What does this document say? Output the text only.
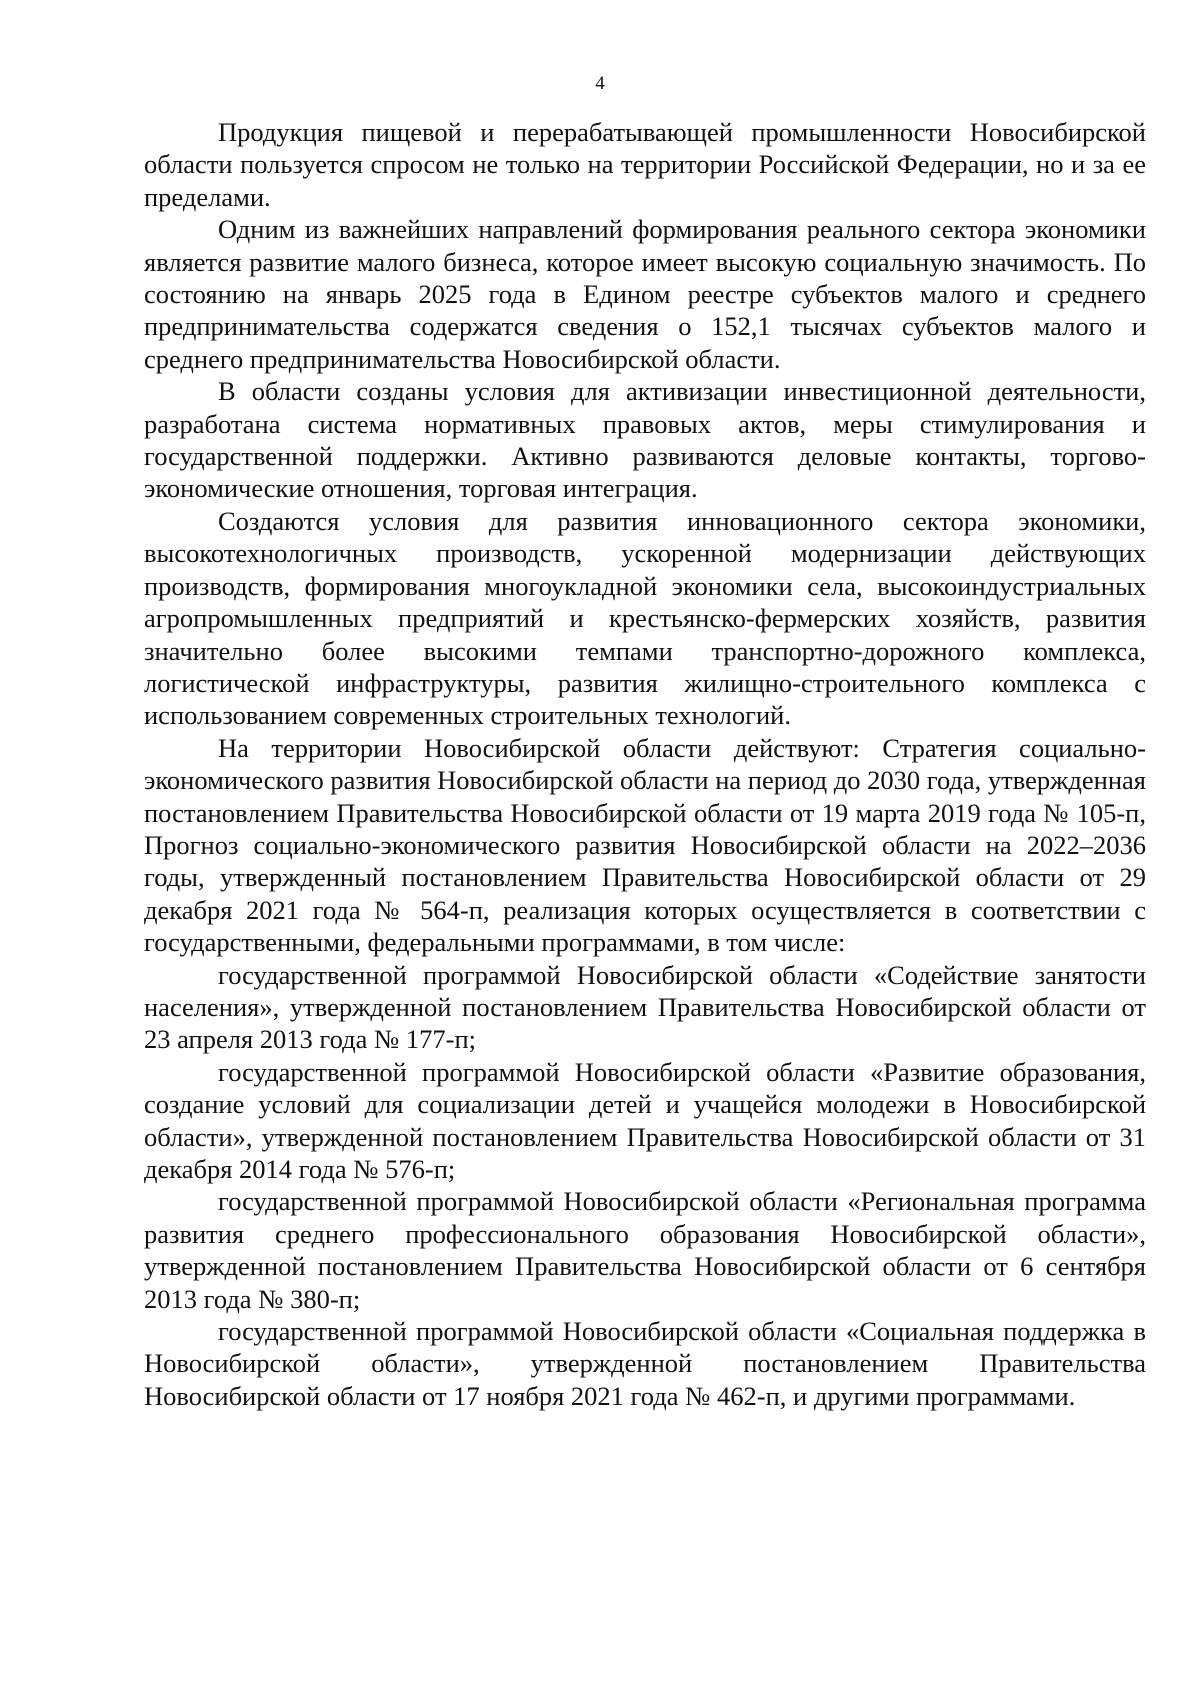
4

Продукция пищевой и перерабатывающей промышленности Новосибирской области пользуется спросом не только на территории Российской Федерации, но и за ее пределами.

Одним из важнейших направлений формирования реального сектора экономики является развитие малого бизнеса, которое имеет высокую социальную значимость. По состоянию на январь 2025 года в Едином реестре субъектов малого и среднего предпринимательства содержатся сведения о 152,1 тысячах субъектов малого и среднего предпринимательства Новосибирской области.

В области созданы условия для активизации инвестиционной деятельности, разработана система нормативных правовых актов, меры стимулирования и государственной поддержки. Активно развиваются деловые контакты, торгово-экономические отношения, торговая интеграция.

Создаются условия для развития инновационного сектора экономики, высокотехнологичных производств, ускоренной модернизации действующих производств, формирования многоукладной экономики села, высокоиндустриальных агропромышленных предприятий и крестьянско-фермерских хозяйств, развития значительно более высокими темпами транспортно-дорожного комплекса, логистической инфраструктуры, развития жилищно-строительного комплекса с использованием современных строительных технологий.

На территории Новосибирской области действуют: Стратегия социально-экономического развития Новосибирской области на период до 2030 года, утвержденная постановлением Правительства Новосибирской области от 19 марта 2019 года № 105-п, Прогноз социально-экономического развития Новосибирской области на 2022–2036 годы, утвержденный постановлением Правительства Новосибирской области от 29 декабря 2021 года № 564-п, реализация которых осуществляется в соответствии с государственными, федеральными программами, в том числе:

государственной программой Новосибирской области «Содействие занятости населения», утвержденной постановлением Правительства Новосибирской области от 23 апреля 2013 года № 177-п;

государственной программой Новосибирской области «Развитие образования, создание условий для социализации детей и учащейся молодежи в Новосибирской области», утвержденной постановлением Правительства Новосибирской области от 31 декабря 2014 года № 576-п;

государственной программой Новосибирской области «Региональная программа развития среднего профессионального образования Новосибирской области», утвержденной постановлением Правительства Новосибирской области от 6 сентября 2013 года № 380-п;

государственной программой Новосибирской области «Социальная поддержка в Новосибирской области», утвержденной постановлением Правительства Новосибирской области от 17 ноября 2021 года № 462-п, и другими программами.
